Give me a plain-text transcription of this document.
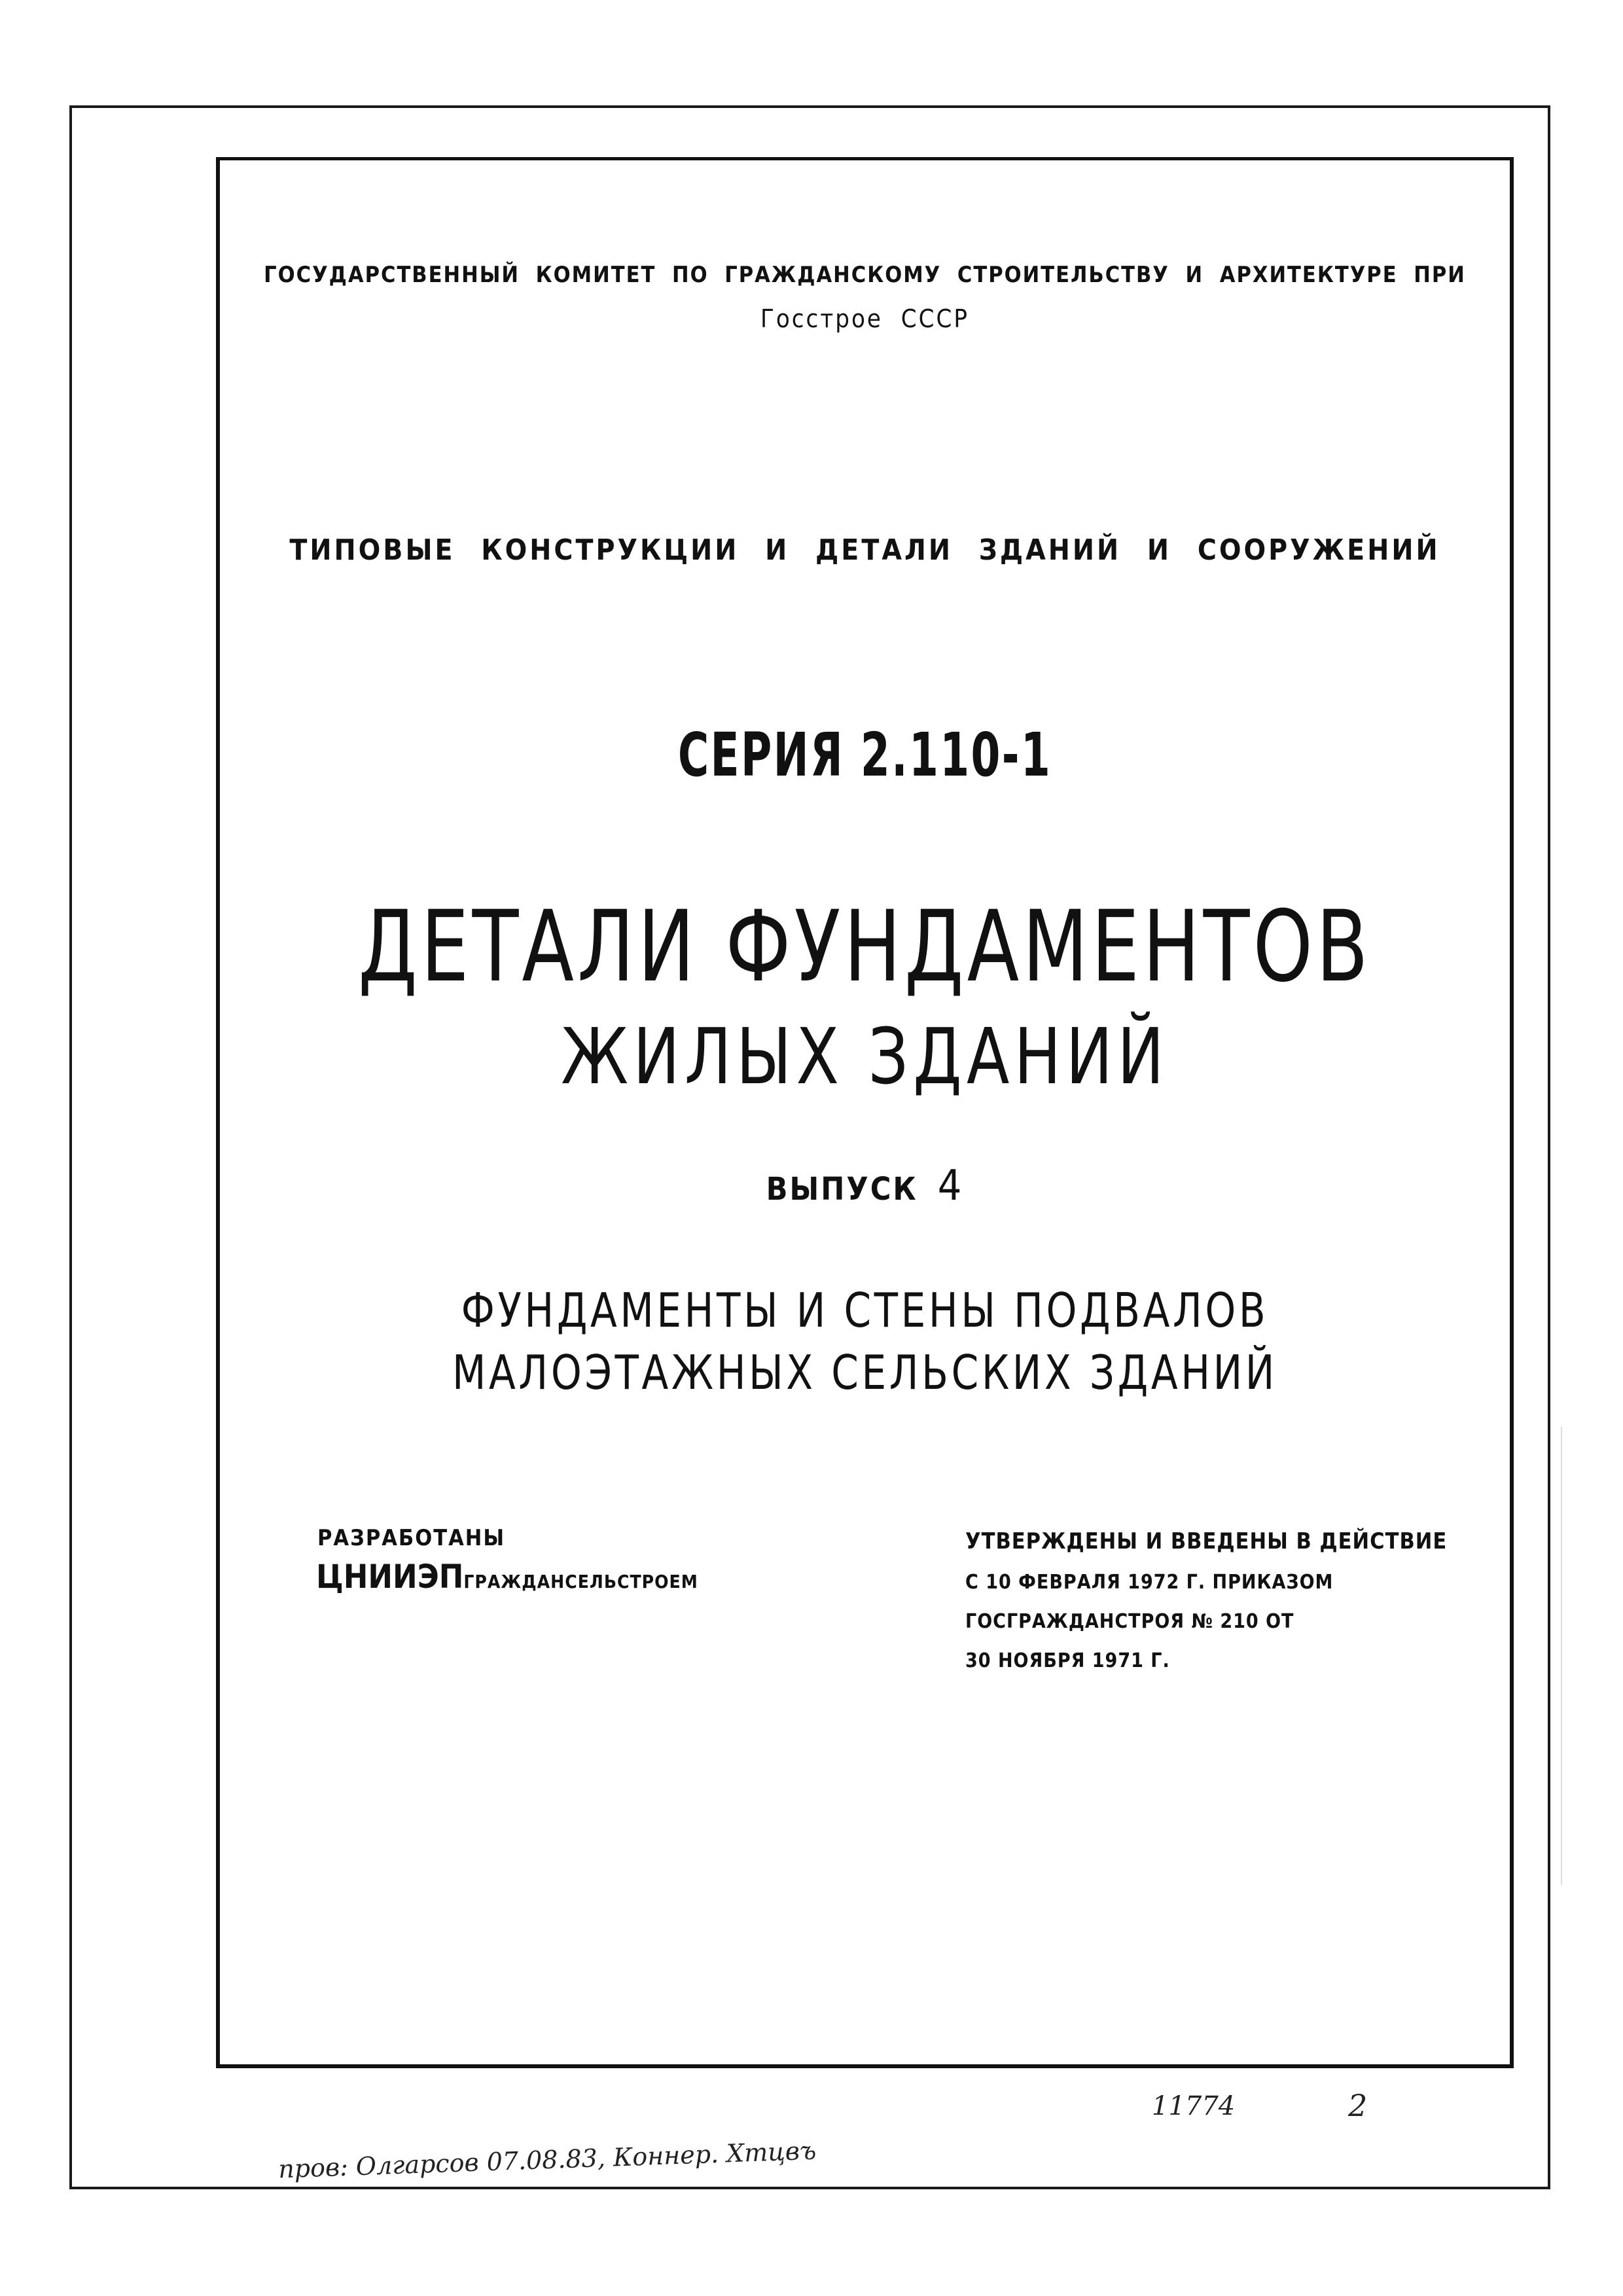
ГОСУДАРСТВЕННЫЙ КОМИТЕТ ПО ГРАЖДАНСКОМУ СТРОИТЕЛЬСТВУ И АРХИТЕКТУРЕ ПРИ
Госстрое СССР
ТИПОВЫЕ КОНСТРУКЦИИ И ДЕТАЛИ ЗДАНИЙ И СООРУЖЕНИЙ
СЕРИЯ 2.110-1
ДЕТАЛИ ФУНДАМЕНТОВ
ЖИЛЫХ ЗДАНИЙ
ВЫПУСК 4
ФУНДАМЕНТЫ И СТЕНЫ ПОДВАЛОВ
МАЛОЭТАЖНЫХ СЕЛЬСКИХ ЗДАНИЙ
РАЗРАБОТАНЫ
ЦНИИЭПГРАЖДАНCЕЛЬСТРОЕМ
УТВЕРЖДЕНЫ И ВВЕДЕНЫ В ДЕЙСТВИЕ
С 10 ФЕВРАЛЯ 1972 Г. ПРИКАЗОМ
ГОСГРАЖДАНСТРОЯ № 210 ОТ
30 НОЯБРЯ 1971 Г.
пров: Олгарсов 07.08.83, Коннер. Хтцвъ
11774	2
